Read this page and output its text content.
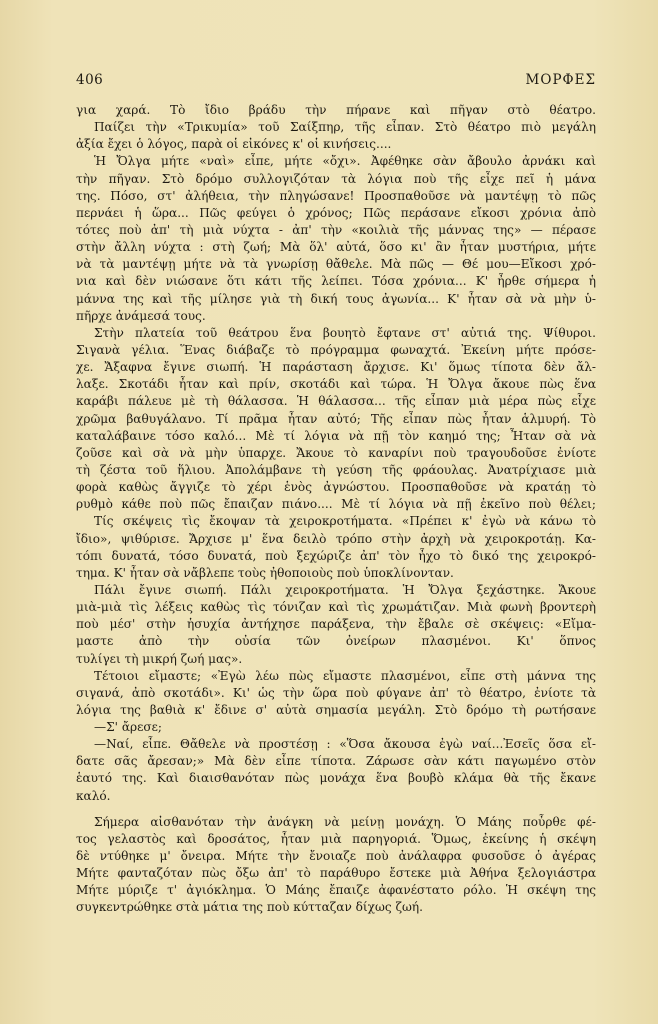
406	ΜΟΡΦΕΣ
για χαρά. Τὸ ἴδιο βράδυ τὴν πήρανε καὶ πῆγαν στὸ θέατρο.
Παίζει τὴν «Τρικυμία» τοῦ Σαίξπηρ, τῆς εἶπαν. Στὸ θέατρο πιὸ μεγάλη
ἀξία ἔχει ὁ λόγος, παρὰ οἱ εἰκόνες κ' οἱ κινήσεις....
Ἡ Ὄλγα μήτε «ναὶ» εἶπε, μήτε «ὄχι». Ἀφέθηκε σὰν ἄβουλο ἀρνάκι καὶ
τὴν πῆγαν. Στὸ δρόμο συλλογιζόταν τὰ λόγια ποὺ τῆς εἶχε πεῖ ἡ μάνα
της. Πόσο, στ' ἀλήθεια, τὴν πληγώσανε! Προσπαθοῦσε νὰ μαντέψῃ τὸ πῶς
περνάει ἡ ὥρα... Πῶς φεύγει ὁ χρόνος; Πῶς περάσανε εἴκοσι χρόνια ἀπὸ
τότες ποὺ ἀπ' τὴ μιὰ νύχτα - ἀπ' τὴν «κοιλιὰ τῆς μάννας της» — πέρασε
στὴν ἄλλη νύχτα : στὴ ζωή; Μὰ ὅλ' αὐτά, ὅσο κι' ἂν ἦταν μυστήρια, μήτε
νὰ τὰ μαντέψῃ μήτε νὰ τὰ γνωρίσῃ θἄθελε. Μὰ πῶς — Θέ μου—Εἴκοσι χρό-
νια καὶ δὲν νιώσανε ὅτι κάτι τῆς λείπει. Τόσα χρόνια... Κ' ἦρθε σήμερα ἡ
μάννα της καὶ τῆς μίλησε γιὰ τὴ δική τους ἀγωνία... Κ' ἦταν σὰ νὰ μὴν ὑ-
πῆρχε ἀνάμεσά τους.
Στὴν πλατεία τοῦ θεάτρου ἕνα βουητὸ ἔφτανε στ' αὐτιά της. Ψίθυροι.
Σιγανὰ γέλια. Ἕνας διάβαζε τὸ πρόγραμμα φωναχτά. Ἐκείνη μήτε πρόσε-
χε. Ἄξαφνα ἔγινε σιωπή. Ἡ παράσταση ἄρχισε. Κι' ὅμως τίποτα δὲν ἄλ-
λαξε. Σκοτάδι ἦταν καὶ πρίν, σκοτάδι καὶ τώρα. Ἡ Ὄλγα ἄκουε πὼς ἕνα
καράβι πάλευε μὲ τὴ θάλασσα. Ἡ θάλασσα... τῆς εἶπαν μιὰ μέρα πὼς εἶχε
χρῶμα βαθυγάλανο. Τί πρᾶμα ἦταν αὐτό; Τῆς εἶπαν πὼς ἦταν ἁλμυρή. Τὸ
καταλάβαινε τόσο καλό... Μὲ τί λόγια νὰ πῇ τὸν καημό της; Ἦταν σὰ νὰ
ζοῦσε καὶ σὰ νὰ μὴν ὑπαρχε. Ἄκουε τὸ καναρίνι ποὺ τραγουδοῦσε ἐνίοτε
τὴ ζέστα τοῦ ἥλιου. Ἀπολάμβανε τὴ γεύση τῆς φράουλας. Ἀνατρίχιασε μιὰ
φορὰ καθὼς ἄγγιζε τὸ χέρι ἑνὸς ἀγνώστου. Προσπαθοῦσε νὰ κρατάῃ τὸ
ρυθμὸ κάθε ποὺ πῶς ἔπαιζαν πιάνο.... Μὲ τί λόγια νὰ πῇ ἐκεῖνο ποὺ θέλει;
Τίς σκέψεις τὶς ἔκοψαν τὰ χειροκροτήματα. «Πρέπει κ' ἐγὼ νὰ κάνω τὸ
ἴδιο», ψιθύρισε. Ἄρχισε μ' ἕνα δειλὸ τρόπο στὴν ἀρχὴ νὰ χειροκροτάῃ. Κα-
τόπι δυνατά, τόσο δυνατά, ποὺ ξεχώριζε ἀπ' τὸν ἦχο τὸ δικό της χειροκρό-
τημα. Κ' ἦταν σὰ νἄβλεπε τοὺς ἠθοποιοὺς ποὺ ὑποκλίνονταν.
Πάλι ἔγινε σιωπή. Πάλι χειροκροτήματα. Ἡ Ὄλγα ξεχάστηκε. Ἄκουε
μιὰ-μιὰ τὶς λέξεις καθὼς τὶς τόνιζαν καὶ τὶς χρωμάτιζαν. Μιὰ φωνὴ βροντερὴ
ποὺ μέσ' στὴν ἡσυχία ἀντήχησε παράξενα, τὴν ἔβαλε σὲ σκέψεις: «Εἴμα-
μαστε ἀπὸ τὴν οὐσία τῶν ὀνείρων πλασμένοι. Κι' ὅπνος
τυλίγει τὴ μικρή ζωή μας».
Τέτοιοι εἴμαστε; «Ἐγὼ λέω πὼς εἴμαστε πλασμένοι, εἶπε στὴ μάννα της
σιγανά, ἀπὸ σκοτάδι». Κι' ὡς τὴν ὥρα ποὺ φύγανε ἀπ' τὸ θέατρο, ἐνίοτε τὰ
λόγια της βαθιὰ κ' ἔδινε σ' αὐτὰ σημασία μεγάλη. Στὸ δρόμο τὴ ρωτήσανε
—Σ' ἄρεσε;
—Ναί, εἶπε. Θἄθελε νὰ προστέσῃ : «Ὅσα ἄκουσα ἐγὼ ναί...Ἐσεῖς ὅσα εἴ-
δατε σᾶς ἄρεσαν;» Μὰ δὲν εἶπε τίποτα. Ζάρωσε σὰν κάτι παγωμένο στὸν
ἑαυτό της. Καὶ διαισθανόταν πὼς μονάχα ἕνα βουβὸ κλάμα θὰ τῆς ἔκανε
καλό.
Σήμερα αἰσθανόταν τὴν ἀνάγκη νὰ μείνῃ μονάχη. Ὁ Μάης ποὖρθε φέ-
τος γελαστὸς καὶ δροσάτος, ἦταν μιὰ παρηγοριά. Ὅμως, ἐκείνης ἡ σκέψη
δὲ ντύθηκε μ' ὄνειρα. Μήτε τὴν ἔνοιαζε ποὺ ἀνάλαφρα φυσοῦσε ὁ ἀγέρας
Μήτε φανταζόταν πὼς ὄξω ἀπ' τὸ παράθυρο ἔστεκε μιὰ Ἀθήνα ξελογιάστρα
Μήτε μύριζε τ' ἀγιόκλημα. Ὁ Μάης ἔπαιζε ἀφανέστατο ρόλο. Ἡ σκέψη της
συγκεντρώθηκε στὰ μάτια της ποὺ κύτταζαν δίχως ζωή.
